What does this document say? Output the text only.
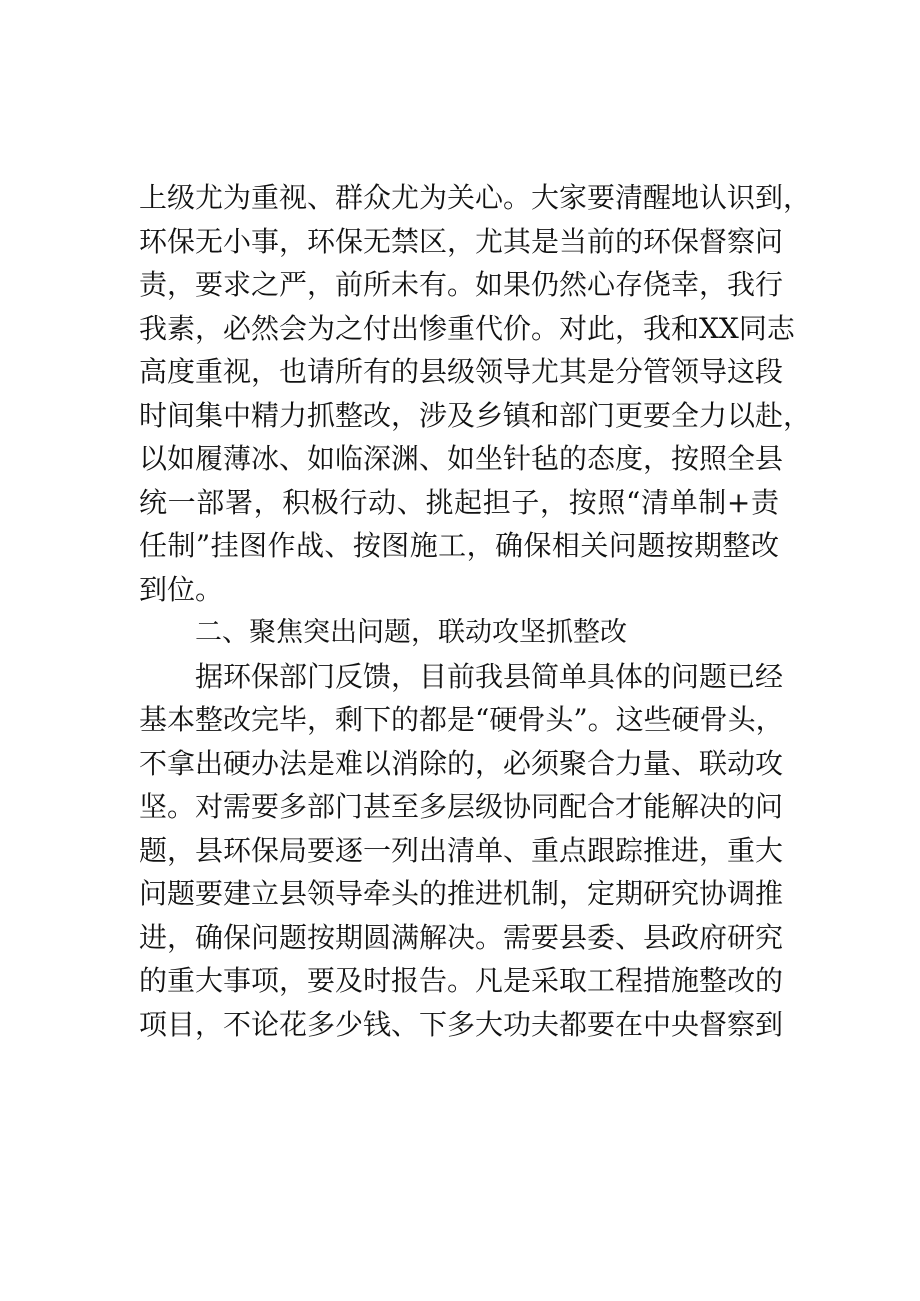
上级尤为重视、群众尤为关心。大家要清醒地认识到，
环保无小事，环保无禁区，尤其是当前的环保督察问
责，要求之严，前所未有。如果仍然心存侥幸，我行
我素，必然会为之付出惨重代价。对此，我和XX同志
高度重视，也请所有的县级领导尤其是分管领导这段
时间集中精力抓整改，涉及乡镇和部门更要全力以赴，
以如履薄冰、如临深渊、如坐针毡的态度，按照全县
统一部署，积极行动、挑起担子，按照“清单制+责
任制”挂图作战、按图施工，确保相关问题按期整改
到位。
二、聚焦突出问题，联动攻坚抓整改
据环保部门反馈，目前我县简单具体的问题已经
基本整改完毕，剩下的都是“硬骨头”。这些硬骨头，
不拿出硬办法是难以消除的，必须聚合力量、联动攻
坚。对需要多部门甚至多层级协同配合才能解决的问
题，县环保局要逐一列出清单、重点跟踪推进，重大
问题要建立县领导牵头的推进机制，定期研究协调推
进，确保问题按期圆满解决。需要县委、县政府研究
的重大事项，要及时报告。凡是采取工程措施整改的
项目，不论花多少钱、下多大功夫都要在中央督察到
